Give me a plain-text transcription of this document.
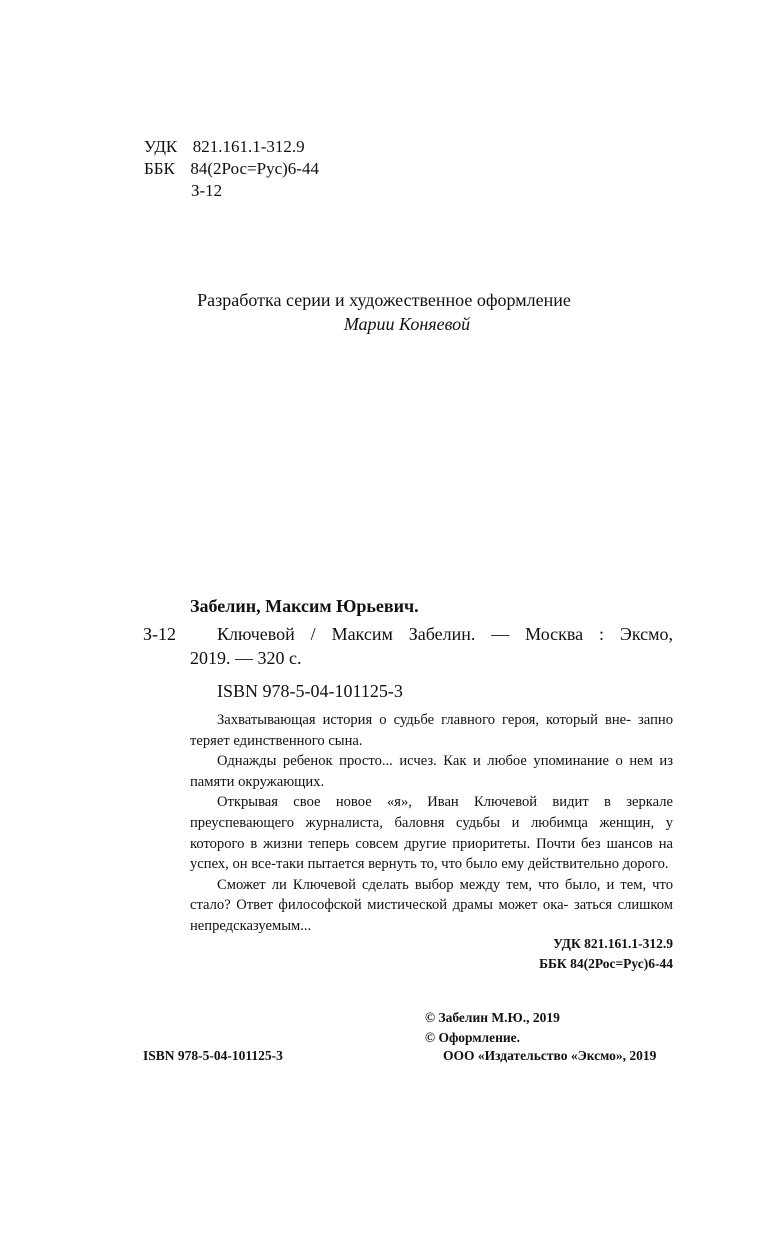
УДК 821.161.1-312.9
ББК 84(2Рос=Рус)6-44
З-12
Разработка серии и художественное оформление
Марии Коняевой
Забелин, Максим Юрьевич.
З-12 Ключевой / Максим Забелин. — Москва : Эксмо,
2019. — 320 с.
ISBN 978-5-04-101125-3

Захватывающая история о судьбе главного героя, который вне- запно теряет единственного сына.

Однажды ребенок просто... исчез. Как и любое упоминание о нем из памяти окружающих.

Открывая свое новое «я», Иван Ключевой видит в зеркале преуспевающего журналиста, баловня судьбы и любимца женщин, у которого в жизни теперь совсем другие приоритеты. Почти без шансов на успех, он все-таки пытается вернуть то, что было ему действительно дорого.

Сможет ли Ключевой сделать выбор между тем, что было, и тем, что стало? Ответ философской мистической драмы может ока- заться слишком непредсказуемым...

УДК 821.161.1-312.9
ББК 84(2Рос=Рус)6-44
© Забелин М.Ю., 2019
© Оформление.
ООО «Издательство «Эксмо», 2019
ISBN 978-5-04-101125-3
